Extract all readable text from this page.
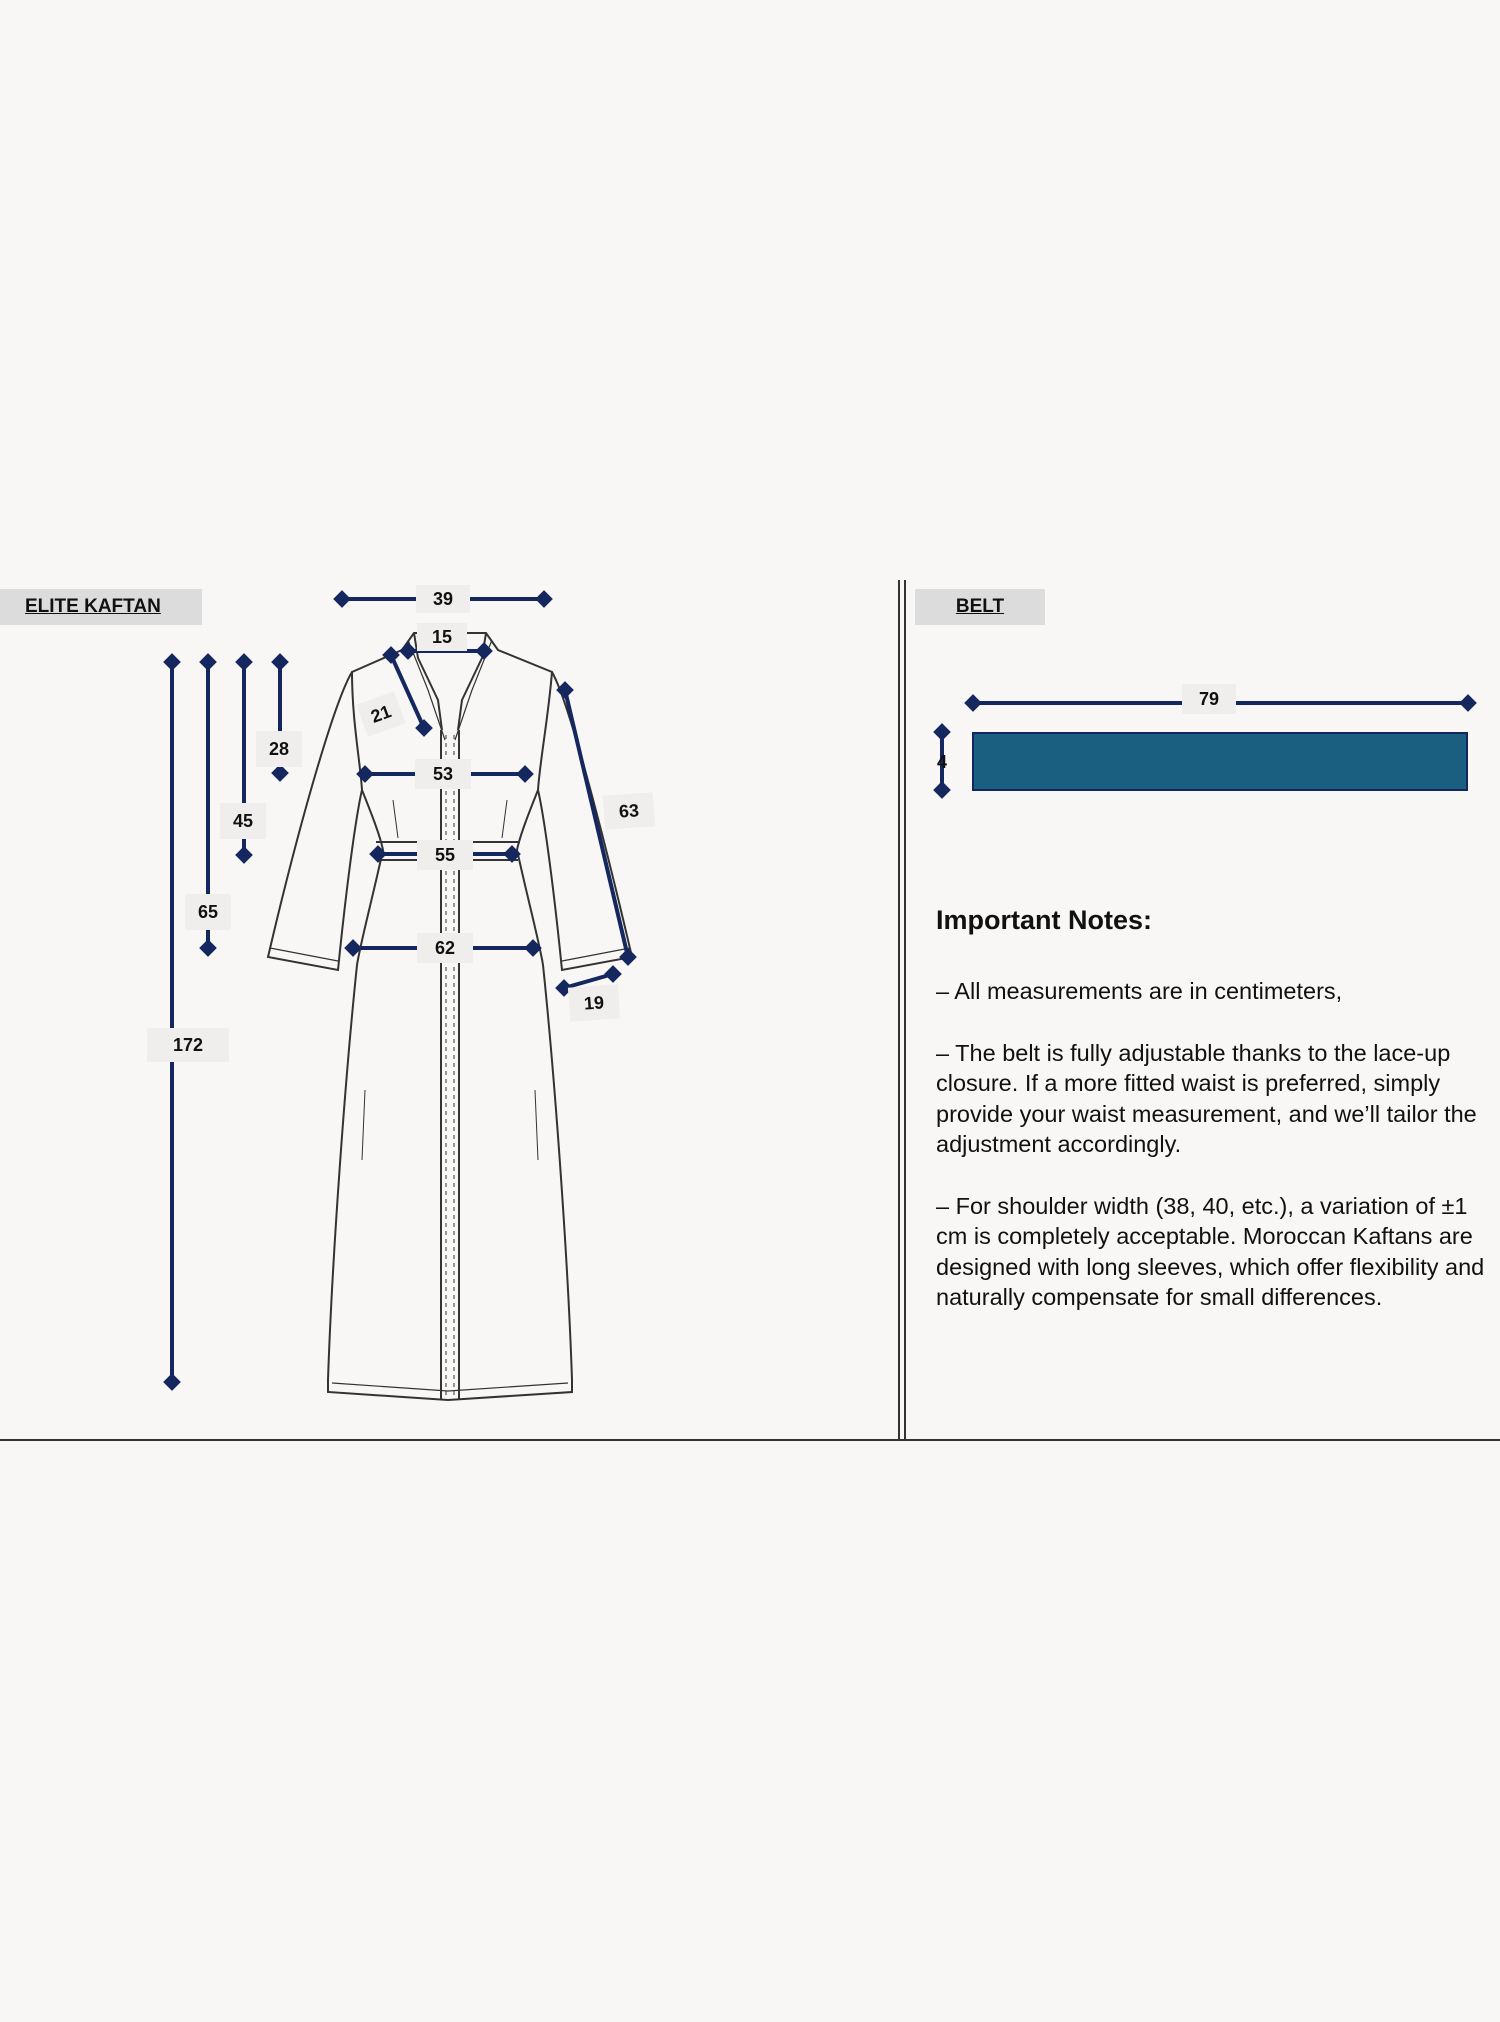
ELITE KAFTAN	BELT
39
15
21
28
45
65
172
53
55
62
63
19
79
4
Important Notes:

– All measurements are in centimeters,

– The belt is fully adjustable thanks to the lace-up closure. If a more fitted waist is preferred, simply provide your waist measurement, and we’ll tailor the adjustment accordingly.

– For shoulder width (38, 40, etc.), a variation of ±1 cm is completely acceptable. Moroccan Kaftans are designed with long sleeves, which offer flexibility and naturally compensate for small differences.
